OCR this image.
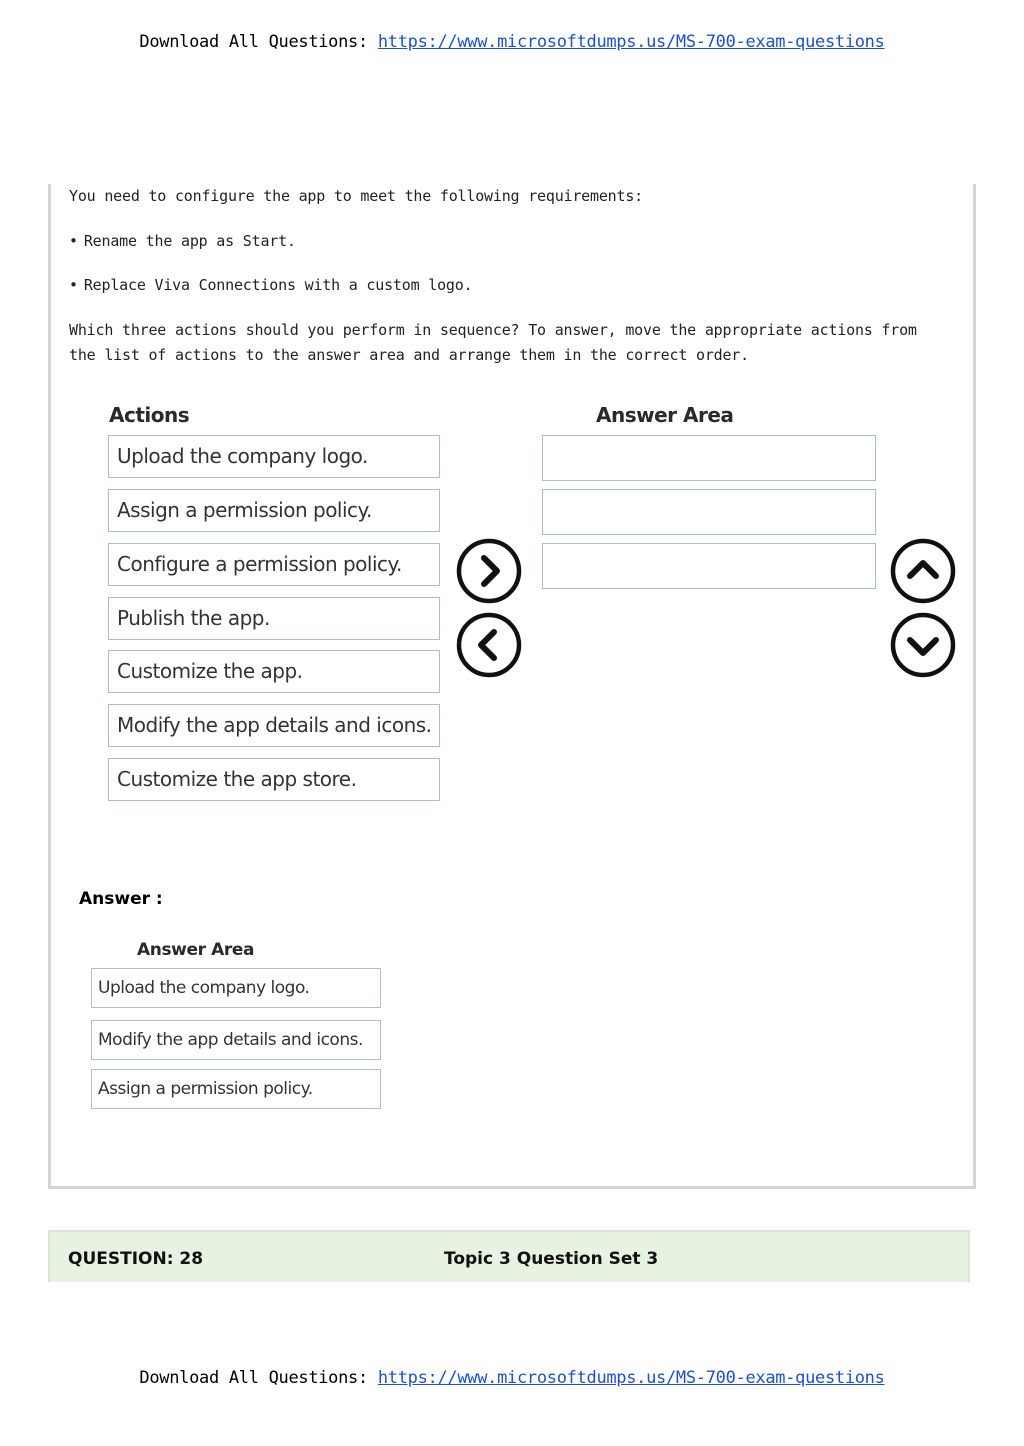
Download All Questions: https://www.microsoftdumps.us/MS-700-exam-questions
You need to configure the app to meet the following requirements:
• Rename the app as Start.
• Replace Viva Connections with a custom logo.
Which three actions should you perform in sequence? To answer, move the appropriate actions from the list of actions to the answer area and arrange them in the correct order.
Actions	Answer Area
Upload the company logo.
Assign a permission policy.
Configure a permission policy.
Publish the app.
Customize the app.
Modify the app details and icons.
Customize the app store.
Answer :
Answer Area
Upload the company logo.
Modify the app details and icons.
Assign a permission policy.
QUESTION: 28	Topic 3 Question Set 3
Download All Questions: https://www.microsoftdumps.us/MS-700-exam-questions
